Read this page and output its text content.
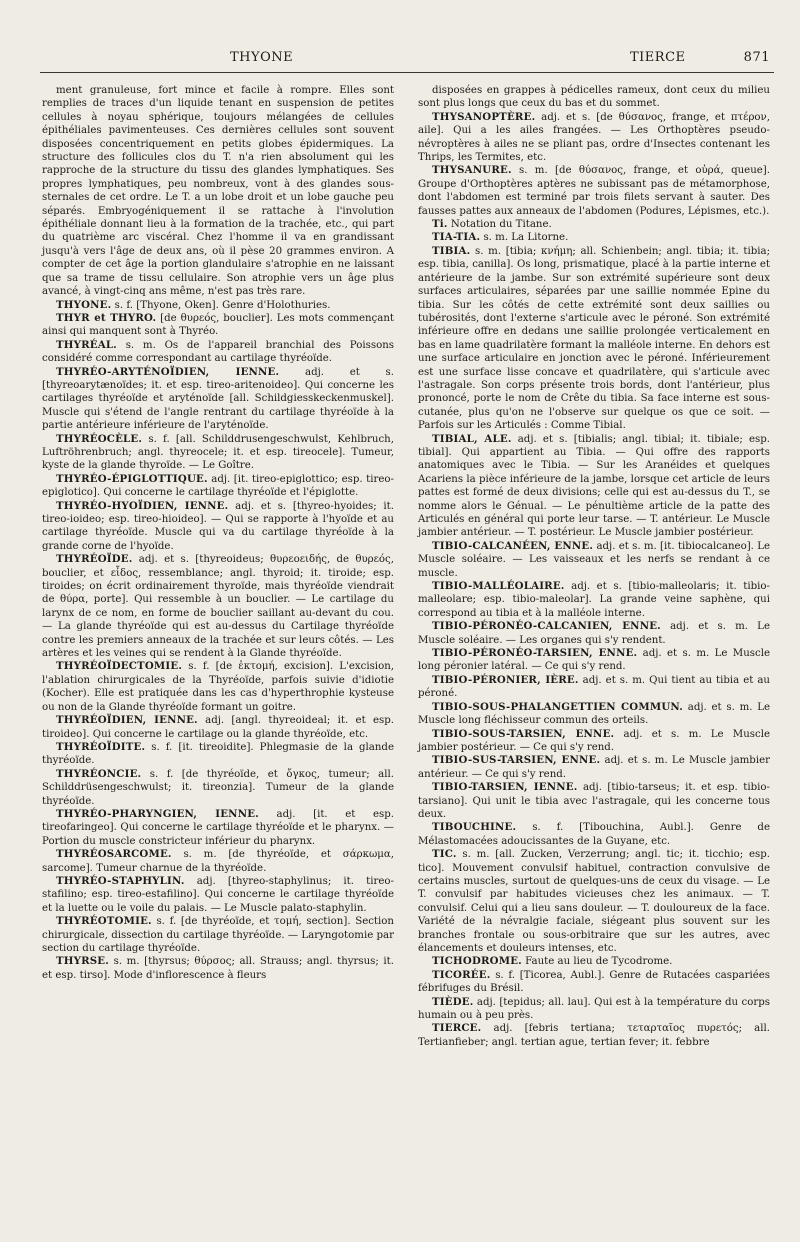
THYONE	TIERCE	871

ment granuleuse, fort mince et facile à rompre. Elles sont remplies de traces d'un liquide tenant en suspension de petites cellules à noyau sphérique, toujours mélangées de cellules épithéliales pavimenteuses. Ces dernières cellules sont souvent disposées concentriquement en petits globes épidermiques. La structure des follicules clos du T. n'a rien absolument qui les rapproche de la structure du tissu des glandes lymphatiques. Ses propres lymphatiques, peu nombreux, vont à des glandes sous-sternales de cet ordre. Le T. a un lobe droit et un lobe gauche peu séparés. Embryogéniquement il se rattache à l'involution épithéliale donnant lieu à la formation de la trachée, etc., qui part du quatrième arc viscéral. Chez l'homme il va en grandissant jusqu'à vers l'âge de deux ans, où il pèse 20 grammes environ. A compter de cet âge la portion glandulaire s'atrophie en ne laissant que sa trame de tissu cellulaire. Son atrophie vers un âge plus avancé, à vingt-cinq ans même, n'est pas très rare.

THYONE. s. f. [Thyone, Oken]. Genre d'Holothuries.

THYR et THYRO. [de θυρεός, bouclier]. Les mots commençant ainsi qui manquent sont à Thyréo.

THYRÉAL. s. m. Os de l'appareil branchial des Poissons considéré comme correspondant au cartilage thyréoïde.

THYRÉO-ARYTÉNOÏDIEN, IENNE.	adj. et s. [thyreoarytænoïdes; it. et esp. tireo-aritenoideo]. Qui concerne les cartilages thyréoïde et aryténoïde [all. Schildgiesskeckenmuskel]. Muscle qui s'étend de l'angle rentrant du cartilage thyréoïde à la partie antérieure inférieure de l'aryténoïde.

THYRÉOCÈLE. s. f. [all. Schilddrusengeschwulst, Kehlbruch, Luftröhrenbruch; angl. thyreocele; it. et esp. tireocele]. Tumeur, kyste de la glande thyroïde. — Le Goître.

THYRÉO-ÉPIGLOTTIQUE. adj. [it. tireo-epiglottico; esp. tireo-epiglotico]. Qui concerne le cartilage thyréoïde et l'épiglotte.

THYRÉO-HYOÏDIEN, IENNE. adj. et s. [thyreo-hyoides; it. tireo-ioideo; esp. tireo-hioideo]. — Qui se rapporte à l'hyoïde et au cartilage thyréoïde. Muscle qui va du cartilage thyréoïde à la grande corne de l'hyoïde.

THYRÉOÏDE. adj. et s. [thyreoideus; θυρεοειδής, de θυρεός, bouclier, et εἶδος, ressemblance; angl. thyroid; it. tiroide; esp. tiroides; on écrit ordinairement thyroïde, mais thyréoïde viendrait de θύρα, porte]. Qui ressemble à un bouclier. — Le cartilage du larynx de ce nom, en forme de bouclier saillant au-devant du cou. — La glande thyréoïde qui est au-dessus du Cartilage thyréoïde contre les premiers anneaux de la trachée et sur leurs côtés. — Les artères et les veines qui se rendent à la Glande thyréoïde.

THYRÉOÏDECTOMIE. s. f. [de ἐκτομή, excision]. L'excision, l'ablation chirurgicales de la Thyréoïde, parfois suivie d'idiotie (Kocher). Elle est pratiquée dans les cas d'hyperthrophie kysteuse ou non de la Glande thyréoïde formant un goitre.

THYRÉOÏDIEN, IENNE. adj. [angl. thyreoideal; it. et esp. tiroideo]. Qui concerne le cartilage ou la glande thyréoïde, etc.

THYRÉOÏDITE. s. f. [it. tireoidite]. Phlegmasie de la glande thyréoïde.

THYRÉONCIE. s. f. [de thyréoïde, et ὄγκος, tumeur; all. Schilddrüsengeschwulst; it. tireonzia]. Tumeur de la glande thyréoïde.

THYRÉO-PHARYNGIEN, IENNE. adj. [it. et esp. tireofaringeo]. Qui concerne le cartilage thyréoïde et le pharynx. — Portion du muscle constricteur inférieur du pharynx.

THYRÉOSARCOME. s. m. [de thyréoïde, et σάρκωμα, sarcome]. Tumeur charnue de la thyréoïde.

THYRÉO-STAPHYLIN. adj. [thyreo-staphylinus; it. tireo-stafilino; esp. tireo-estafilino]. Qui concerne le cartilage thyréoïde et la luette ou le voile du palais. — Le Muscle palato-staphylin.

THYRÉOTOMIE. s. f. [de thyréoïde, et τομή, section]. Section chirurgicale, dissection du cartilage thyréoïde. — Laryngotomie par section du cartilage thyréoïde.

THYRSE. s. m. [thyrsus; θύρσος; all. Strauss; angl. thyrsus; it. et esp. tirso]. Mode d'inflorescence à fleurs

disposées en grappes à pédicelles rameux, dont ceux du milieu sont plus longs que ceux du bas et du sommet.

THYSANOPTÈRE. adj. et s. [de θύσανος, frange, et πτέρον, aile]. Qui a les ailes frangées. — Les Orthoptères pseudo-névroptères à ailes ne se pliant pas, ordre d'Insectes contenant les Thrips, les Termites, etc.

THYSANURE. s. m. [de θύσανος, frange, et οὐρά, queue]. Groupe d'Orthoptères aptères ne subissant pas de métamorphose, dont l'abdomen est terminé par trois filets servant à sauter. Des fausses pattes aux anneaux de l'abdomen (Podures, Lépismes, etc.).

Ti. Notation du Titane.

TIA-TIA. s. m. La Litorne.

TIBIA. s. m. [tibia; κνήμη; all. Schienbein; angl. tibia; it. tibia; esp. tibia, canilla]. Os long, prismatique, placé à la partie interne et antérieure de la jambe. Sur son extrémité supérieure sont deux surfaces articulaires, séparées par une saillie nommée Epine du tibia. Sur les côtés de cette extrémité sont deux saillies ou tubérosités, dont l'externe s'articule avec le péroné. Son extrémité inférieure offre en dedans une saillie prolongée verticalement en bas en lame quadrilatère formant la malléole interne. En dehors est une surface articulaire en jonction avec le péroné. Inférieurement est une surface lisse concave et quadrilatère, qui s'articule avec l'astragale. Son corps présente trois bords, dont l'antérieur, plus prononcé, porte le nom de Crête du tibia. Sa face interne est sous-cutanée, plus qu'on ne l'observe sur quelque os que ce soit. — Parfois sur les Articulés : Comme Tibial.

TIBIAL, ALE. adj. et s. [tibialis; angl. tibial; it. tibiale; esp. tibial]. Qui appartient au Tibia. — Qui offre des rapports anatomiques avec le Tibia. — Sur les Aranéides et quelques Acariens la pièce inférieure de la jambe, lorsque cet article de leurs pattes est formé de deux divisions; celle qui est au-dessus du T., se nomme alors le Génual. — Le pénultième article de la patte des Articulés en général qui porte leur tarse. — T. antérieur. Le Muscle jambier antérieur. — T. postérieur. Le Muscle jambier postérieur.

TIBIO-CALCANÉEN, ENNE. adj. et s. m. [it. tibiocalcaneo]. Le Muscle soléaire. — Les vaisseaux et les nerfs se rendant à ce muscle.

TIBIO-MALLÉOLAIRE. adj. et s. [tibio-malleolaris; it. tibio-malleolare; esp. tibio-maleolar]. La grande veine saphène, qui correspond au tibia et à la malléole interne.

TIBIO-PÉRONÉO-CALCANIEN, ENNE. adj. et s. m. Le Muscle soléaire. — Les organes qui s'y rendent.

TIBIO-PÉRONÉO-TARSIEN, ENNE. adj. et s. m. Le Muscle long péronier latéral. — Ce qui s'y rend.

TIBIO-PÉRONIER, IÈRE. adj. et s. m. Qui tient au tibia et au péroné.

TIBIO-SOUS-PHALANGETTIEN COMMUN. adj. et s. m. Le Muscle long fléchisseur commun des orteils.

TIBIO-SOUS-TARSIEN, ENNE. adj. et s. m. Le Muscle jambier postérieur. — Ce qui s'y rend.

TIBIO-SUS-TARSIEN, ENNE. adj. et s. m. Le Muscle jambier antérieur. — Ce qui s'y rend.

TIBIO-TARSIEN, IENNE. adj. [tibio-tarseus; it. et esp. tibio-tarsiano]. Qui unit le tibia avec l'astragale, qui les concerne tous deux.

TIBOUCHINE. s. f. [Tibouchina, Aubl.]. Genre de Mélastomacées adoucissantes de la Guyane, etc.

TIC. s. m. [all. Zucken, Verzerrung; angl. tic; it. ticchio; esp. tico]. Mouvement convulsif habituel, contraction convulsive de certains muscles, surtout de quelques-uns de ceux du visage. — Le T. convulsif par habitudes vicieuses chez les animaux. — T. convulsif. Celui qui a lieu sans douleur. — T. douloureux de la face. Variété de la névralgie faciale, siégeant plus souvent sur les branches frontale ou sous-orbitraire que sur les autres, avec élancements et douleurs intenses, etc.

TICHODROME. Faute au lieu de Tycodrome.

TICORÉE. s. f. [Ticorea, Aubl.]. Genre de Rutacées caspariées fébrifuges du Brésil.

TIÈDE. adj. [tepidus; all. lau]. Qui est à la température du corps humain ou à peu près.

TIERCE. adj. [febris tertiana; τεταρταῖος πυρετός; all. Tertianfieber; angl. tertian ague, tertian fever; it. febbre
